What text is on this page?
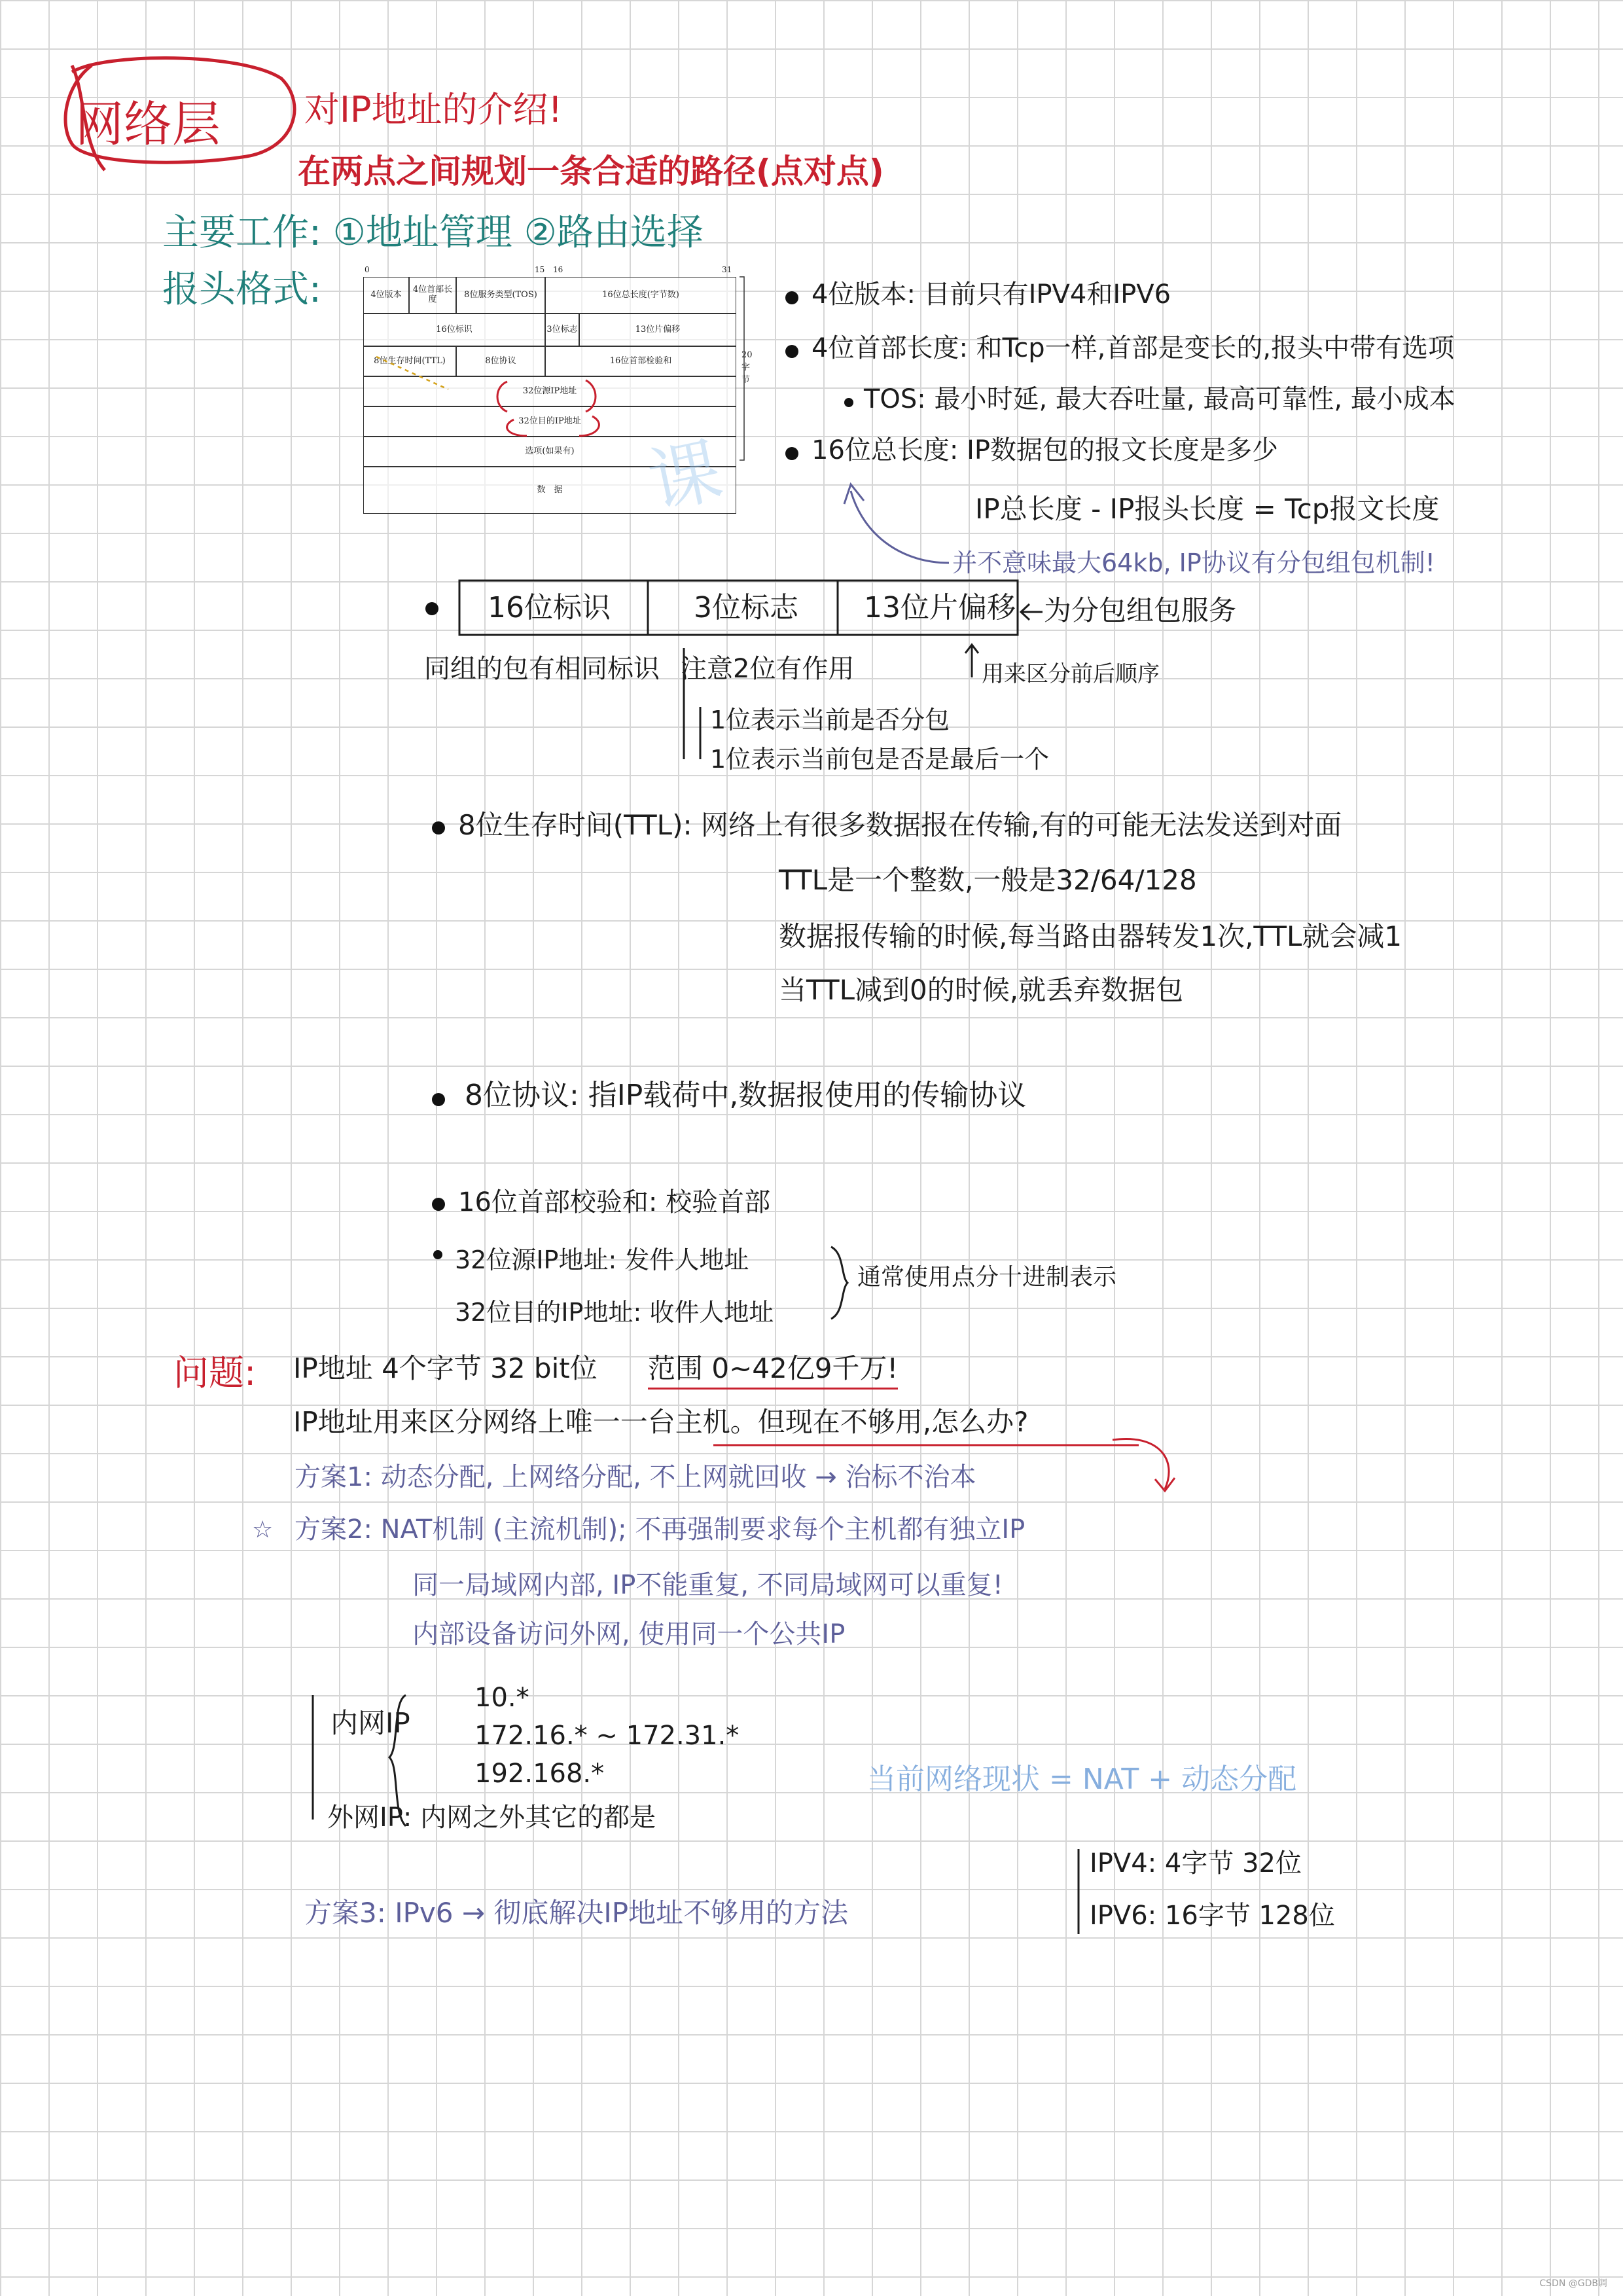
网络层 对IP地址的介绍!
在两点之间规划一条合适的路径(点对点)
主要工作: ①地址管理 ②路由选择
报头格式:	0	15 16	31
4位版本	4位首部长度	8位服务类型(TOS)	16位总长度(字节数)
16位标识	3位标志	13位片偏移
8位生存时间(TTL)	8位协议	16位首部检验和
32位源IP地址
32位目的IP地址
选项(如果有)
数　据
20字节
课
4位版本: 目前只有IPV4和IPV6
4位首部长度: 和Tcp一样,首部是变长的,报头中带有选项
TOS: 最小时延, 最大吞吐量, 最高可靠性, 最小成本
16位总长度: IP数据包的报文长度是多少
IP总长度 - IP报头长度 = Tcp报文长度
并不意味最大64kb, IP协议有分包组包机制!
16位标识	3位标志 13位片偏移 为分包组包服务
同组的包有相同标识 注意2位有作用
1位表示当前是否分包
1位表示当前包是否是最后一个
用来区分前后顺序
8位生存时间(TTL): 网络上有很多数据报在传输,有的可能无法发送到对面
TTL是一个整数,一般是32/64/128
数据报传输的时候,每当路由器转发1次,TTL就会减1
当TTL减到0的时候,就丢弃数据包
8位协议: 指IP载荷中,数据报使用的传输协议
16位首部校验和: 校验首部
32位源IP地址: 发件人地址
32位目的IP地址: 收件人地址
通常使用点分十进制表示
问题: IP地址 4个字节 32 bit位 范围 0~42亿9千万!
IP地址用来区分网络上唯一一台主机。但现在不够用,怎么办?
方案1: 动态分配, 上网络分配, 不上网就回收 → 治标不治本
☆ 方案2: NAT机制 (主流机制); 不再强制要求每个主机都有独立IP
同一局域网内部, IP不能重复, 不同局域网可以重复!
内部设备访问外网, 使用同一个公共IP
内网IP
10.*
172.16.* ~ 172.31.*
192.168.*
外网IP: 内网之外其它的都是
当前网络现状 = NAT + 动态分配
方案3: IPv6 → 彻底解决IP地址不够用的方法
IPV4: 4字节 32位
IPV6: 16字节 128位
CSDN @GDB调
